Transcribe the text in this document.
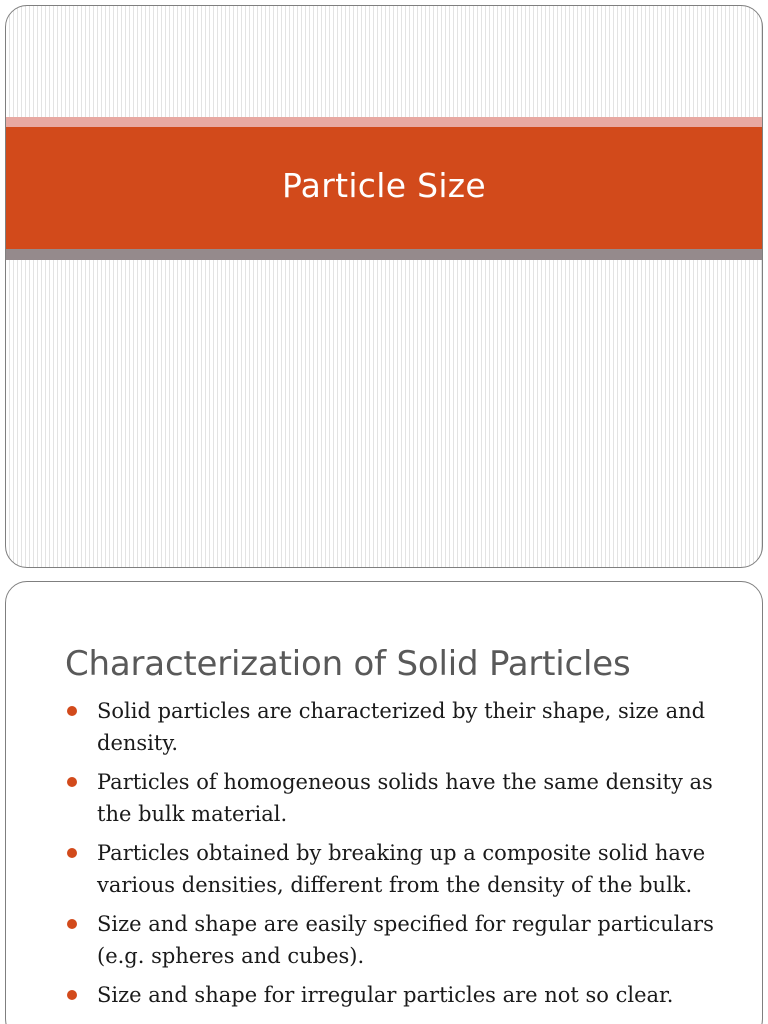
Particle Size
Characterization of Solid Particles
Solid particles are characterized by their shape, size and density.
Particles of homogeneous solids have the same density as the bulk material.
Particles obtained by breaking up a composite solid have various densities, different from the density of the bulk.
Size and shape are easily specified for regular particulars (e.g. spheres and cubes).
Size and shape for irregular particles are not so clear.
